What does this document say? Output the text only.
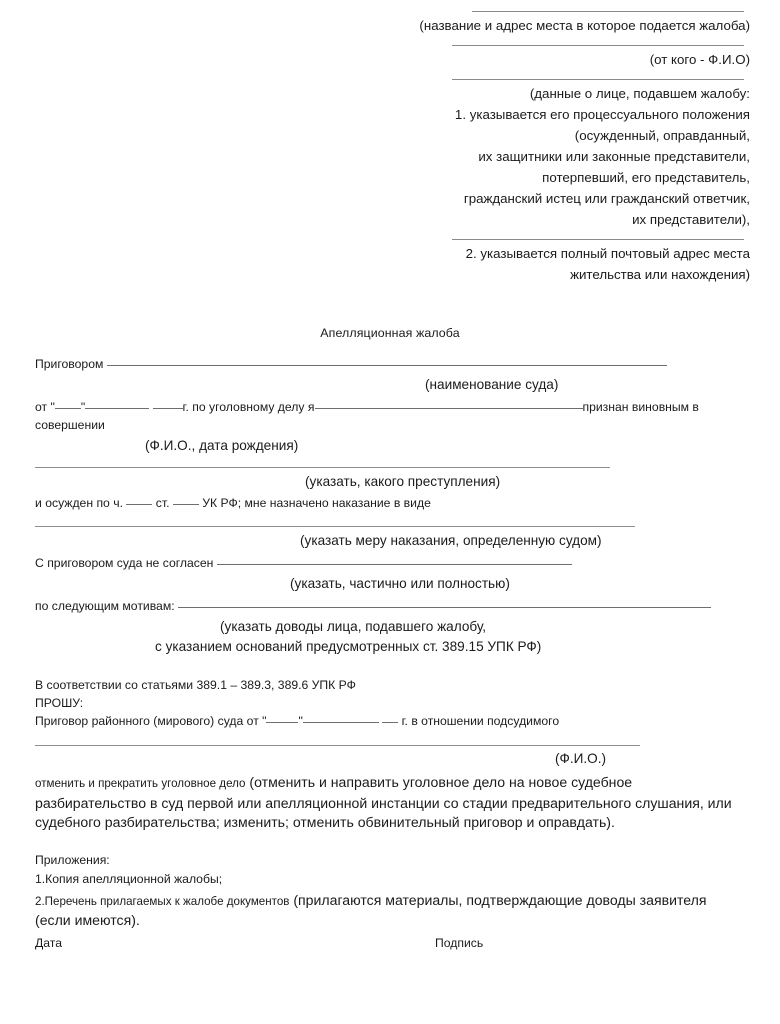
(название и адрес места в которое подается жалоба)
(от кого - Ф.И.О)
(данные о лице, подавшем жалобу:
1. указывается его процессуального положения
(осужденный, оправданный,
их защитники или законные представители,
потерпевший, его представитель,
гражданский истец или гражданский ответчик,
их представители),
2. указывается полный почтовый адрес места
жительства или нахождения)
Апелляционная жалоба
Приговором
(наименование суда)
от " "	г. по уголовному делу я	признан виновным в
совершении
(Ф.И.О., дата рождения)
(указать, какого преступления)
и осужден по ч.	ст.	УК РФ; мне назначено наказание в виде
(указать меру наказания, определенную судом)
С приговором суда не согласен
(указать, частично или полностью)
по следующим мотивам:
(указать доводы лица, подавшего жалобу,
с указанием оснований предусмотренных ст. 389.15 УПК РФ)
В соответствии со статьями 389.1 – 389.3, 389.6 УПК РФ
ПРОШУ:
Приговор районного (мирового) суда от "	"	г. в отношении подсудимого
(Ф.И.О.)
отменить и прекратить уголовное дело (отменить и направить уголовное дело на новое судебное разбирательство в суд первой или апелляционной инстанции со стадии предварительного слушания, или судебного разбирательства; изменить; отменить обвинительный приговор и оправдать).
Приложения:
1.Копия апелляционной жалобы;
2.Перечень прилагаемых к жалобе документов (прилагаются материалы, подтверждающие доводы заявителя (если имеются).
Дата	Подпись
